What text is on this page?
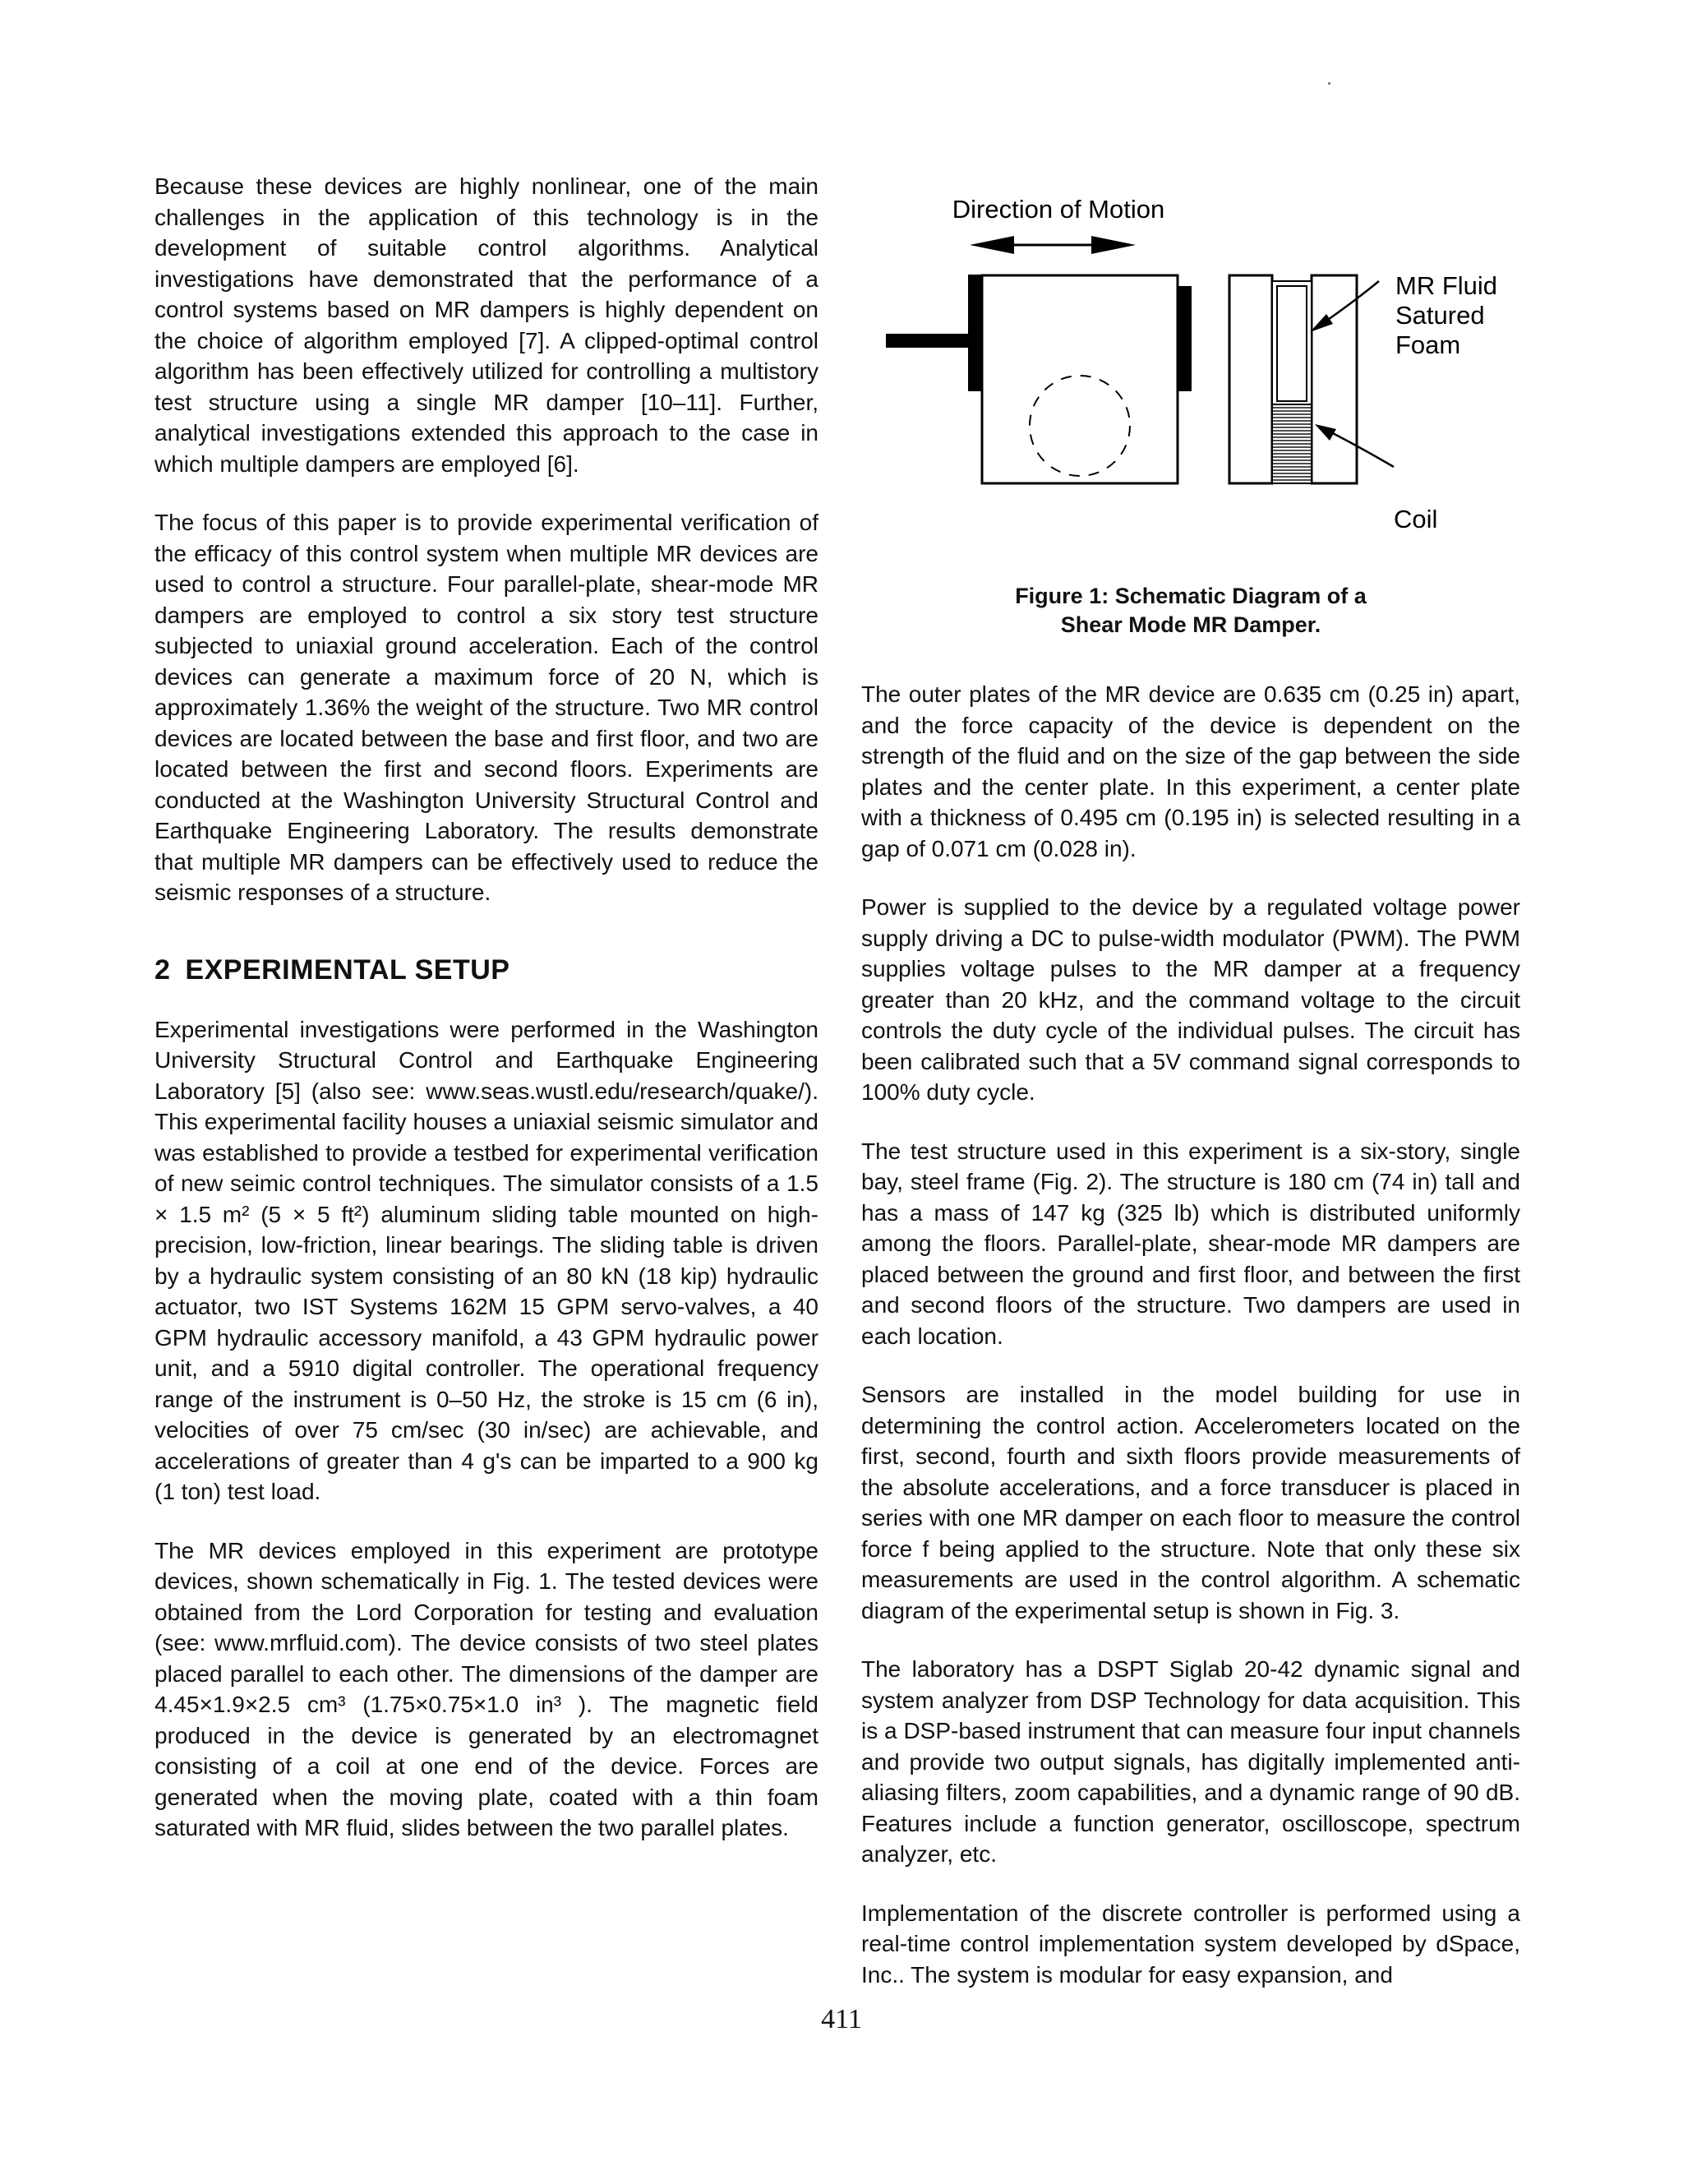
Because these devices are highly nonlinear, one of the main challenges in the application of this technology is in the development of suitable control algorithms. Analytical investigations have demonstrated that the performance of a control systems based on MR dampers is highly dependent on the choice of algorithm employed [7]. A clipped-optimal control algorithm has been effectively utilized for controlling a multistory test structure using a single MR damper [10–11]. Further, analytical investigations extended this approach to the case in which multiple dampers are employed [6].

The focus of this paper is to provide experimental verification of the efficacy of this control system when multiple MR devices are used to control a structure. Four parallel-plate, shear-mode MR dampers are employed to control a six story test structure subjected to uniaxial ground acceleration. Each of the control devices can generate a maximum force of 20 N, which is approximately 1.36% the weight of the structure. Two MR control devices are located between the base and first floor, and two are located between the first and second floors. Experiments are conducted at the Washington University Structural Control and Earthquake Engineering Laboratory. The results demonstrate that multiple MR dampers can be effectively used to reduce the seismic responses of a structure.

2 EXPERIMENTAL SETUP

Experimental investigations were performed in the Washington University Structural Control and Earthquake Engineering Laboratory [5] (also see: www.seas.wustl.edu/research/quake/). This experimental facility houses a uniaxial seismic simulator and was established to provide a testbed for experimental verification of new seimic control techniques. The simulator consists of a 1.5 × 1.5 m² (5 × 5 ft²) aluminum sliding table mounted on high-precision, low-friction, linear bearings. The sliding table is driven by a hydraulic system consisting of an 80 kN (18 kip) hydraulic actuator, two IST Systems 162M 15 GPM servo-valves, a 40 GPM hydraulic accessory manifold, a 43 GPM hydraulic power unit, and a 5910 digital controller. The operational frequency range of the instrument is 0–50 Hz, the stroke is 15 cm (6 in), velocities of over 75 cm/sec (30 in/sec) are achievable, and accelerations of greater than 4 g's can be imparted to a 900 kg (1 ton) test load.

The MR devices employed in this experiment are prototype devices, shown schematically in Fig. 1. The tested devices were obtained from the Lord Corporation for testing and evaluation (see: www.mrfluid.com). The device consists of two steel plates placed parallel to each other. The dimensions of the damper are 4.45×1.9×2.5 cm³ (1.75×0.75×1.0 in³ ). The magnetic field produced in the device is generated by an electromagnet consisting of a coil at one end of the device. Forces are generated when the moving plate, coated with a thin foam saturated with MR fluid, slides between the two parallel plates.

Direction of Motion
MR Fluid
Satured
Foam
Coil
Figure 1: Schematic Diagram of a
Shear Mode MR Damper.

The outer plates of the MR device are 0.635 cm (0.25 in) apart, and the force capacity of the device is dependent on the strength of the fluid and on the size of the gap between the side plates and the center plate. In this experiment, a center plate with a thickness of 0.495 cm (0.195 in) is selected resulting in a gap of 0.071 cm (0.028 in).

Power is supplied to the device by a regulated voltage power supply driving a DC to pulse-width modulator (PWM). The PWM supplies voltage pulses to the MR damper at a frequency greater than 20 kHz, and the command voltage to the circuit controls the duty cycle of the individual pulses. The circuit has been calibrated such that a 5V command signal corresponds to 100% duty cycle.

The test structure used in this experiment is a six-story, single bay, steel frame (Fig. 2). The structure is 180 cm (74 in) tall and has a mass of 147 kg (325 lb) which is distributed uniformly among the floors. Parallel-plate, shear-mode MR dampers are placed between the ground and first floor, and between the first and second floors of the structure. Two dampers are used in each location.

Sensors are installed in the model building for use in determining the control action. Accelerometers located on the first, second, fourth and sixth floors provide measurements of the absolute accelerations, and a force transducer is placed in series with one MR damper on each floor to measure the control force f being applied to the structure. Note that only these six measurements are used in the control algorithm. A schematic diagram of the experimental setup is shown in Fig. 3.

The laboratory has a DSPT Siglab 20-42 dynamic signal and system analyzer from DSP Technology for data acquisition. This is a DSP-based instrument that can measure four input channels and provide two output signals, has digitally implemented anti-aliasing filters, zoom capabilities, and a dynamic range of 90 dB. Features include a function generator, oscilloscope, spectrum analyzer, etc.

Implementation of the discrete controller is performed using a real-time control implementation system developed by dSpace, Inc.. The system is modular for easy expansion, and

411
